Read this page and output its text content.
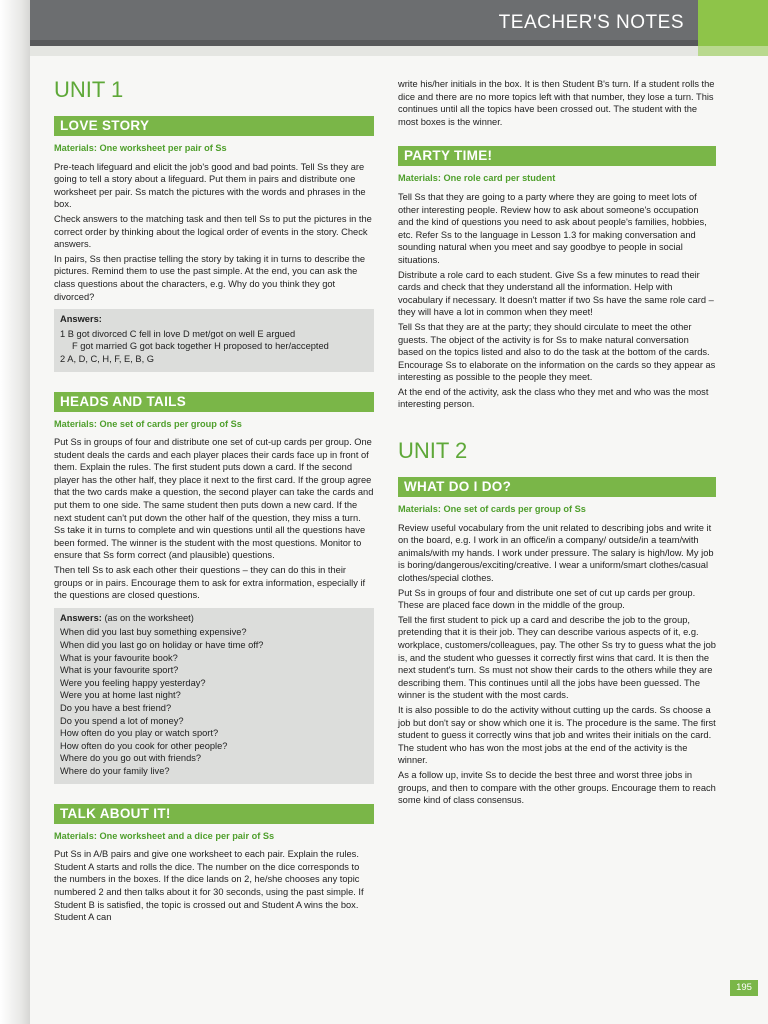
TEACHER'S NOTES
UNIT 1
LOVE STORY
Materials: One worksheet per pair of Ss

Pre-teach lifeguard and elicit the job's good and bad points. Tell Ss they are going to tell a story about a lifeguard. Put them in pairs and distribute one worksheet per pair. Ss match the pictures with the words and phrases in the box.

Check answers to the matching task and then tell Ss to put the pictures in the correct order by thinking about the logical order of events in the story. Check answers.

In pairs, Ss then practise telling the story by taking it in turns to describe the pictures. Remind them to use the past simple. At the end, you can ask the class questions about the characters, e.g. Why do you think they got divorced?

Answers:
1 B got divorced C fell in love D met/got on well E argued
F got married G got back together H proposed to her/accepted
2 A, D, C, H, F, E, B, G
HEADS AND TAILS
Materials: One set of cards per group of Ss

Put Ss in groups of four and distribute one set of cut-up cards per group. One student deals the cards and each player places their cards face up in front of them. Explain the rules. The first student puts down a card. If the second player has the other half, they place it next to the first card. If the group agree that the two cards make a question, the second player can take the cards and put them to one side. The same student then puts down a new card. If the next student can't put down the other half of the question, they miss a turn. Ss take it in turns to complete and win questions until all the questions have been formed. The winner is the student with the most questions. Monitor to ensure that Ss form correct (and plausible) questions.

Then tell Ss to ask each other their questions – they can do this in their groups or in pairs. Encourage them to ask for extra information, especially if the questions are closed questions.

Answers: (as on the worksheet)
When did you last buy something expensive?
When did you last go on holiday or have time off?
What is your favourite book?
What is your favourite sport?
Were you feeling happy yesterday?
Were you at home last night?
Do you have a best friend?
Do you spend a lot of money?
How often do you play or watch sport?
How often do you cook for other people?
Where do you go out with friends?
Where do your family live?
TALK ABOUT IT!
Materials: One worksheet and a dice per pair of Ss

Put Ss in A/B pairs and give one worksheet to each pair. Explain the rules. Student A starts and rolls the dice. The number on the dice corresponds to the numbers in the boxes. If the dice lands on 2, he/she chooses any topic numbered 2 and then talks about it for 30 seconds, using the past simple. If Student B is satisfied, the topic is crossed out and Student A wins the box. Student A can

write his/her initials in the box. It is then Student B's turn. If a student rolls the dice and there are no more topics left with that number, they lose a turn. This continues until all the topics have been crossed out. The student with the most boxes is the winner.

PARTY TIME!
Materials: One role card per student

Tell Ss that they are going to a party where they are going to meet lots of other interesting people. Review how to ask about someone's occupation and the kind of questions you need to ask about people's families, hobbies, etc. Refer Ss to the language in Lesson 1.3 for making conversation and sounding natural when you meet and say goodbye to people in social situations.

Distribute a role card to each student. Give Ss a few minutes to read their cards and check that they understand all the information. Help with vocabulary if necessary. It doesn't matter if two Ss have the same role card – they will have a lot in common when they meet!

Tell Ss that they are at the party; they should circulate to meet the other guests. The object of the activity is for Ss to make natural conversation based on the topics listed and also to do the task at the bottom of the cards. Encourage Ss to elaborate on the information on the cards so they appear as interesting as possible to the people they meet.

At the end of the activity, ask the class who they met and who was the most interesting person.

UNIT 2
WHAT DO I DO?
Materials: One set of cards per group of Ss

Review useful vocabulary from the unit related to describing jobs and write it on the board, e.g. I work in an office/in a company/ outside/in a team/with animals/with my hands. I work under pressure. The salary is high/low. My job is boring/dangerous/exciting/creative. I wear a uniform/smart clothes/casual clothes/special clothes.

Put Ss in groups of four and distribute one set of cut up cards per group. These are placed face down in the middle of the group.

Tell the first student to pick up a card and describe the job to the group, pretending that it is their job. They can describe various aspects of it, e.g. workplace, customers/colleagues, pay. The other Ss try to guess what the job is, and the student who guesses it correctly first wins that card. It is then the next student's turn. Ss must not show their cards to the others while they are describing them. This continues until all the jobs have been guessed. The winner is the student with the most cards.

It is also possible to do the activity without cutting up the cards. Ss choose a job but don't say or show which one it is. The procedure is the same. The first student to guess it correctly wins that job and writes their initials on the card. The student who has won the most jobs at the end of the activity is the winner.

As a follow up, invite Ss to decide the best three and worst three jobs in groups, and then to compare with the other groups. Encourage them to reach some kind of class consensus.

195
